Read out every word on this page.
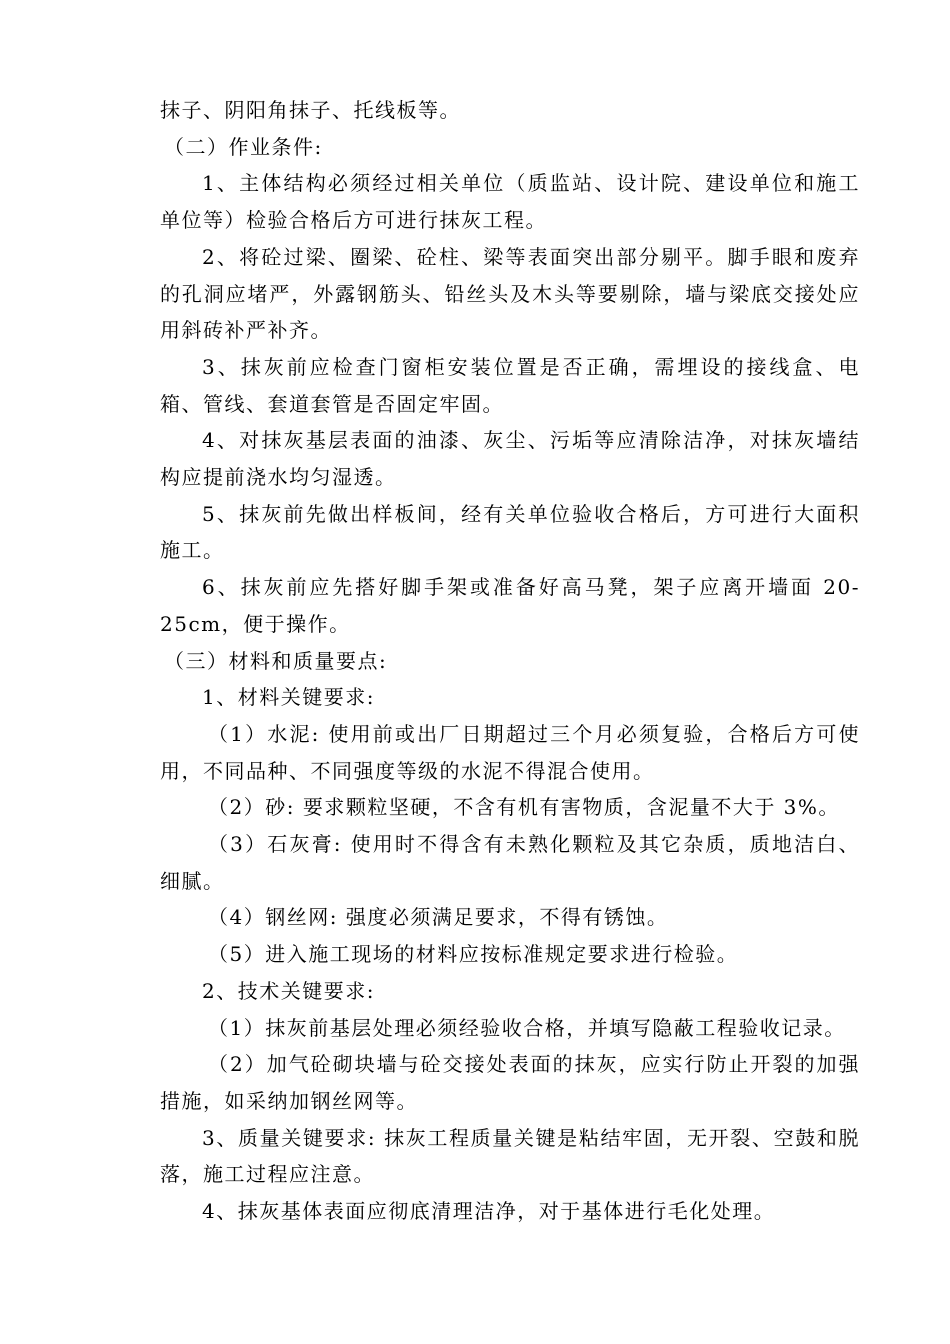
抹子、阴阳角抹子、托线板等。

（二）作业条件:

1、主体结构必须经过相关单位（质监站、设计院、建设单位和施工单位等）检验合格后方可进行抹灰工程。

2、将砼过梁、圈梁、砼柱、梁等表面突出部分剔平。脚手眼和废弃的孔洞应堵严，外露钢筋头、铅丝头及木头等要剔除，墙与梁底交接处应用斜砖补严补齐。

3、抹灰前应检查门窗柜安装位置是否正确，需埋设的接线盒、电箱、管线、套道套管是否固定牢固。

4、对抹灰基层表面的油漆、灰尘、污垢等应清除洁净，对抹灰墙结构应提前浇水均匀湿透。

5、抹灰前先做出样板间，经有关单位验收合格后，方可进行大面积施工。

6、抹灰前应先搭好脚手架或准备好高马凳，架子应离开墙面 20-25cm，便于操作。

（三）材料和质量要点:

1、材料关键要求:

（1）水泥: 使用前或出厂日期超过三个月必须复验，合格后方可使用，不同品种、不同强度等级的水泥不得混合使用。

（2）砂: 要求颗粒坚硬，不含有机有害物质，含泥量不大于 3%。

（3）石灰膏: 使用时不得含有未熟化颗粒及其它杂质，质地洁白、细腻。

（4）钢丝网: 强度必须满足要求，不得有锈蚀。

（5）进入施工现场的材料应按标准规定要求进行检验。

2、技术关键要求:

（1）抹灰前基层处理必须经验收合格，并填写隐蔽工程验收记录。

（2）加气砼砌块墙与砼交接处表面的抹灰，应实行防止开裂的加强措施，如采纳加钢丝网等。

3、质量关键要求: 抹灰工程质量关键是粘结牢固，无开裂、空鼓和脱落，施工过程应注意。

4、抹灰基体表面应彻底清理洁净，对于基体进行毛化处理。
